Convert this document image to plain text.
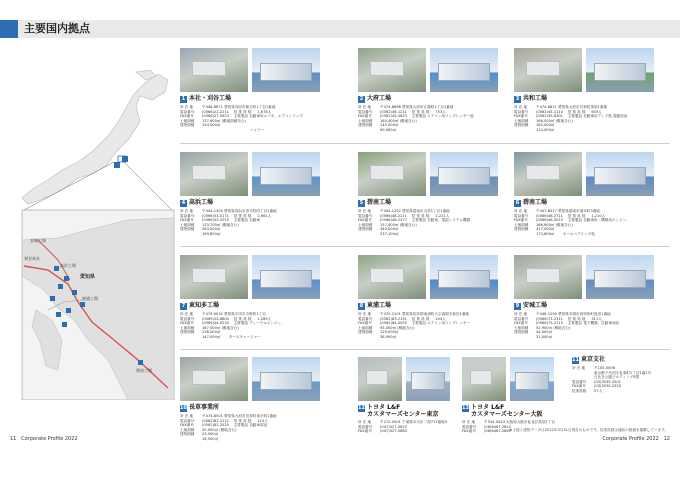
主要国内拠点
愛知県
安城工場
刈谷本社
高浜工場
東浦工場
碧南工場
1 本社・刈谷工場
所 在 地 〒448-8671 愛知県刈谷市朝日町1丁目1番地
電話番号 (0566)22-2211 　従 業 員 数 　 1,678人
FAX番号 (0566)27-5623 　主要製品 自動車用エバポ、エアコンリップ
土地面積 137,600㎡ (敷地面積含む)
建物面積 154,000㎡
　　　　　　　　　　　　　 シャワー
2 大府工場
所 在 地 〒474-8666 愛知県大府市江端町1丁目1番地
電話番号 (0562)46-1211 　従 業 員 数 　 753人
FAX番号 (0562)45-5623 　主要製品 エアコン用コンプレッサー他
土地面積 164,400㎡ (敷地含む)
建物面積 145,000㎡
90,000㎡
3 共和工場
所 在 地 〒474-8611 愛知県大府市共和町茶屋1番地
電話番号 (0562)45-1110 　従 業 員 数 　 605人
FAX番号 (0562)45-8301 　主要製品 自動車用アンプ他 電動部品
土地面積 166,000㎡ (敷地含む)
建物面積 180,000㎡
124,000㎡
4 高浜工場
所 在 地 〒444-1305 愛知県高浜市青木町四丁目1番地
電話番号 (0566)53-0171 　従 業 員 数 　 2,661人
FAX番号 (0566)53-2015 　主要製品 自動車
土地面積 133,700㎡ (敷地含む)
建物面積 283,000㎡
189,800㎡
5 碧南工場
所 在 地 〒444-1292 愛知県碧南市丸仲1丁目1番地
電話番号 (0566)48-2211 　従 業 員 数 　 2,221人
FAX番号 (0566)48-2377 　主要製品 自動車、電池システム機器
土地面積 157,400㎡ (敷地含む)
建物面積 340,000㎡
237,100㎡
6 碧南工場
所 在 地 〒447-8517 愛知県碧南市港本町3番地
電話番号 (0566)46-2711 　従 業 員 数 　 1,210人
FAX番号 (0566)46-5015 　主要製品 自動車用・機械用エンジン、
土地面積 166,900㎡ (敷地含む)
建物面積 317,000㎡
173,600㎡ 　　ボールベアリング他
7 東知多工場
所 在 地 〒475-0032 愛知県半田市吉野町1丁目
電話番号 (0569)24-8800 　従 業 員 数 　 1,289人
FAX番号 (0569)24-0233 　主要製品 ディーゼルエンジン、
土地面積 167,000㎡ (敷地含む)
建物面積 238,000㎡
147,000㎡ 　　ターボチャージャー
8 東浦工場
所 在 地 〒470-2101 愛知県知多郡東浦町大字森岡字新田1番地
電話番号 (0562)83-2151 　従 業 員 数 　 204人
FAX番号 (0562)84-0029 　主要製品 エアコン用コンプレッサー
土地面積 93,000㎡ (敷地含む)
建物面積 129,000㎡
38,900㎡
9 安城工場
所 在 地 〒446-1295 愛知県安城市西別所町島田1番地
電話番号 (0566)73-2311 　従 業 員 数 　 311人
FAX番号 (0566)73-2715 　主要製品 電子機器、自動車部品
土地面積 52,900㎡ (敷地含む)
建物面積 34,000㎡
21,000㎡
10 長草事業所
所 在 地 〒474-8501 愛知県大府市長草町東平吹1番地
電話番号 (0562)82-2212 　従 業 員 数 　 110人
FAX番号 (0562)82-2525 　主要製品 自動車部品
土地面積 30,000㎡ (敷地含む)
建物面積 23,000㎡
16,500㎡
12 トヨタ L&F
カスタマーズセンター東京
所 在 地 〒272-0001 千葉県市川市二俣717番地3
電話番号 (047)327-5675
FAX番号 (047)327-5683
13 トヨタ L&F
カスタマーズセンター大阪
所 在 地 〒554-0024 大阪府大阪市此花区島屋1丁目
電話番号 (06)6467-2810
FAX番号 (06)6467-2869
11 東京支社
所 在 地 〒100-0006
東京都千代田区有楽町1丁目1番1号
日比谷公園ビルディング5階
電話番号 (03)3539-2501
FAX番号 (03)3539-2520
従業員数 57人
※土地と建物データは2022年3月31日現在のものです。従業員数は連結の数値を掲載しています。
11 Corporate Profile 2022	Corporate Profile 2022 12
